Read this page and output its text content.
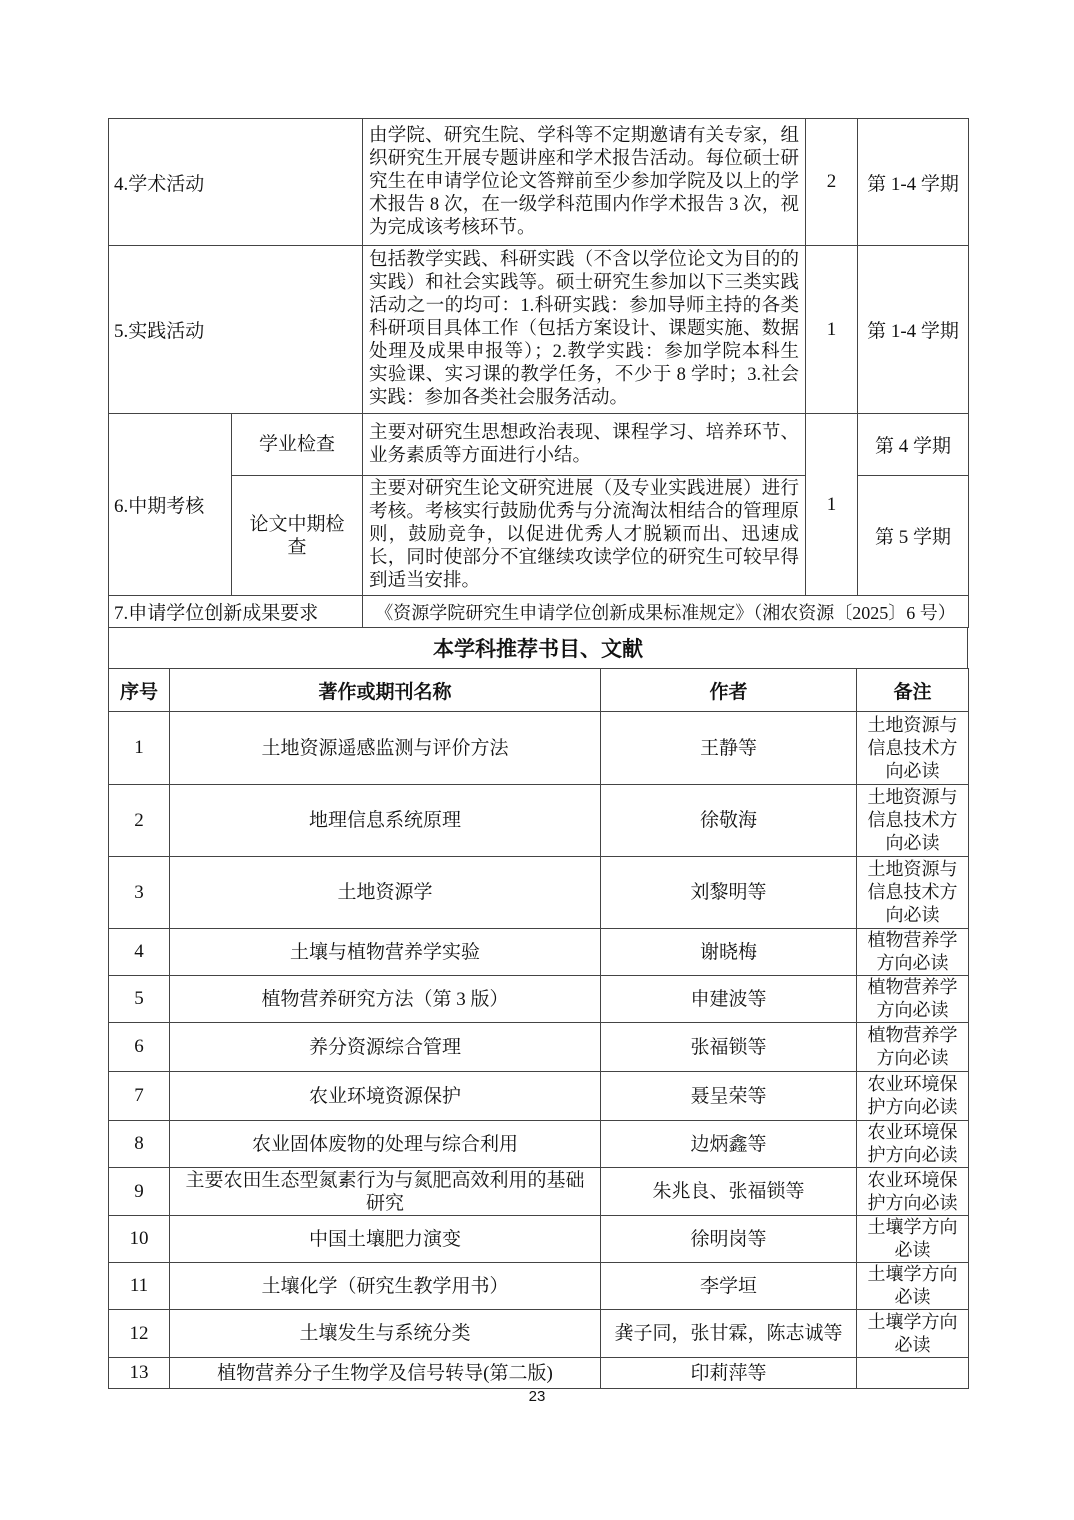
4.学术活动		由学院、研究生院、学科等不定期邀请有关专家，组织研究生开展专题讲座和学术报告活动。每位硕士研究生在申请学位论文答辩前至少参加学院及以上的学术报告 8 次，在一级学科范围内作学术报告 3 次，视为完成该考核环节。	2	第 1-4 学期
5.实践活动		包括教学实践、科研实践（不含以学位论文为目的的实践）和社会实践等。硕士研究生参加以下三类实践活动之一的均可：1.科研实践：参加导师主持的各类科研项目具体工作（包括方案设计、课题实施、数据处理及成果申报等）；2.教学实践：参加学院本科生实验课、实习课的教学任务，不少于 8 学时；3.社会实践：参加各类社会服务活动。	1	第 1-4 学期
6.中期考核	学业检查	主要对研究生思想政治表现、课程学习、培养环节、业务素质等方面进行小结。	1	第 4 学期
	论文中期检查	主要对研究生论文研究进展（及专业实践进展）进行考核。考核实行鼓励优秀与分流淘汰相结合的管理原则，鼓励竞争，以促进优秀人才脱颖而出、迅速成长，同时使部分不宜继续攻读学位的研究生可较早得到适当安排。		第 5 学期
7.申请学位创新成果要求		《资源学院研究生申请学位创新成果标准规定》（湘农资源〔2025〕6 号）		
本学科推荐书目、文献
序号	著作或期刊名称	作者	备注
1	土地资源遥感监测与评价方法	王静等	土地资源与信息技术方向必读
2	地理信息系统原理	徐敬海	土地资源与信息技术方向必读
3	土地资源学	刘黎明等	土地资源与信息技术方向必读
4	土壤与植物营养学实验	谢晓梅	植物营养学方向必读
5	植物营养研究方法（第 3 版）	申建波等	植物营养学方向必读
6	养分资源综合管理	张福锁等	植物营养学方向必读
7	农业环境资源保护	聂呈荣等	农业环境保护方向必读
8	农业固体废物的处理与综合利用	边炳鑫等	农业环境保护方向必读
9	主要农田生态型氮素行为与氮肥高效利用的基础研究	朱兆良、张福锁等	农业环境保护方向必读
10	中国土壤肥力演变	徐明岗等	土壤学方向必读
11	土壤化学（研究生教学用书）	李学垣	土壤学方向必读
12	土壤发生与系统分类	龚子同，张甘霖，陈志诚等	土壤学方向必读
13	植物营养分子生物学及信号转导(第二版)	印莉萍等	
23
